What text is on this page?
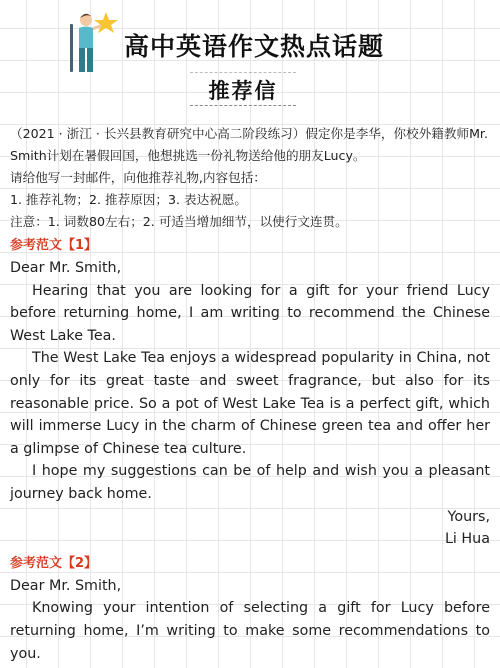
高中英语作文热点话题
推荐信

（2021 · 浙江 · 长兴县教育研究中心高二阶段练习）假定你是李华，你校外籍教师Mr. Smith计划在暑假回国，他想挑选一份礼物送给他的朋友Lucy。

请给他写一封邮件，向他推荐礼物,内容包括：

1. 推荐礼物；2. 推荐原因；3. 表达祝愿。

注意：1. 词数80左右；2. 可适当增加细节，以使行文连贯。

参考范文【1】

Dear Mr. Smith,

Hearing that you are looking for a gift for your friend Lucy before returning home, I am writing to recommend the Chinese West Lake Tea.

The West Lake Tea enjoys a widespread popularity in China, not only for its great taste and sweet fragrance, but also for its reasonable price. So a pot of West Lake Tea is a perfect gift, which will immerse Lucy in the charm of Chinese green tea and offer her a glimpse of Chinese tea culture.

I hope my suggestions can be of help and wish you a pleasant journey back home.

Yours,

Li Hua

参考范文【2】

Dear Mr. Smith,

Knowing your intention of selecting a gift for Lucy before returning home, I’m writing to make some recommendations to you.
